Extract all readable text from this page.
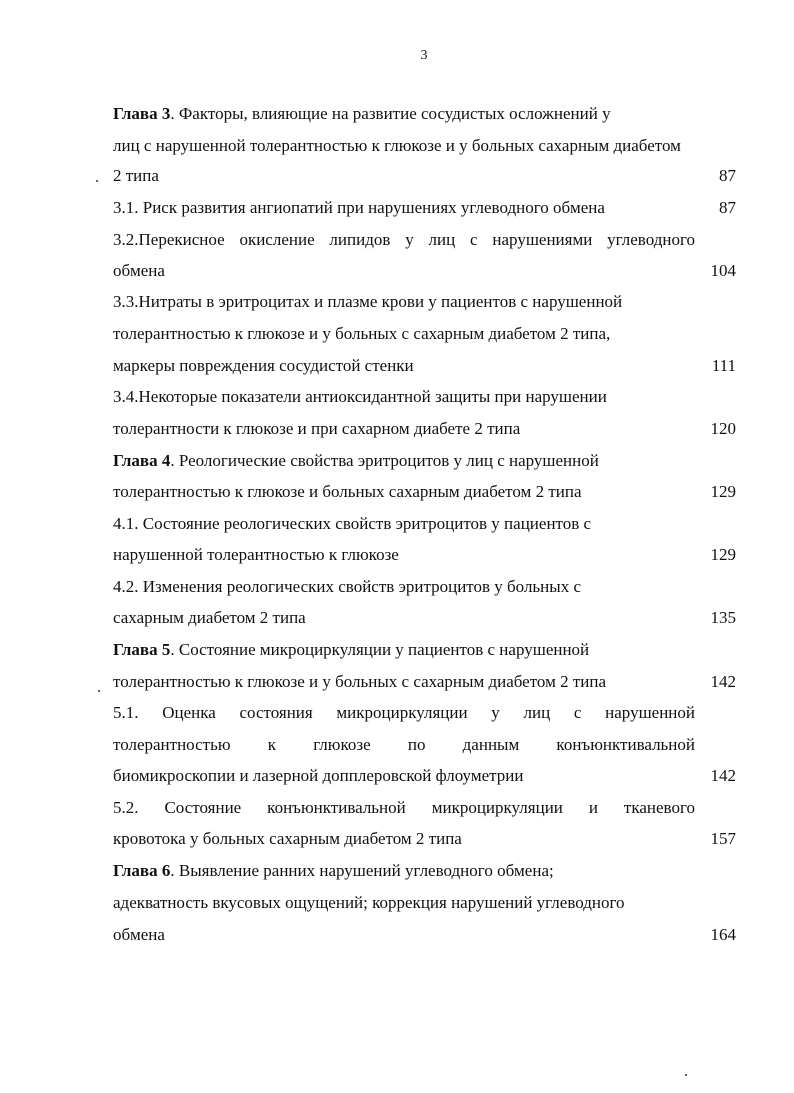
3
Глава 3. Факторы, влияющие на развитие сосудистых осложнений у
лиц с нарушенной толерантностью к глюкозе и у больных сахарным диабетом
2 типа	87
3.1. Риск развития ангиопатий при нарушениях углеводного обмена	87
3.2.Перекисное окисление липидов у лиц с нарушениями углеводного
обмена	104
3.3.Нитраты в эритроцитах и плазме крови у пациентов с нарушенной
толерантностью к глюкозе и у больных с сахарным диабетом 2 типа,
маркеры повреждения сосудистой стенки	111
3.4.Некоторые показатели антиоксидантной защиты при нарушении
толерантности к глюкозе и при сахарном диабете 2 типа	120
Глава 4. Реологические свойства эритроцитов у лиц с нарушенной
толерантностью к глюкозе и больных сахарным диабетом 2 типа	129
4.1. Состояние реологических свойств эритроцитов у пациентов с
нарушенной толерантностью к глюкозе	129
4.2. Изменения реологических свойств эритроцитов у больных с
сахарным диабетом 2 типа	135
Глава 5. Состояние микроциркуляции у пациентов с нарушенной
толерантностью к глюкозе и у больных с сахарным диабетом 2 типа	142
5.1. Оценка состояния микроциркуляции у лиц с нарушенной
толерантностью к глюкозе по данным конъюнктивальной
биомикроскопии и лазерной допплеровской флоуметрии	142
5.2. Состояние конъюнктивальной микроциркуляции и тканевого
кровотока у больных сахарным диабетом 2 типа	157
Глава 6. Выявление ранних нарушений углеводного обмена;
адекватность вкусовых ощущений; коррекция нарушений углеводного
обмена	164
